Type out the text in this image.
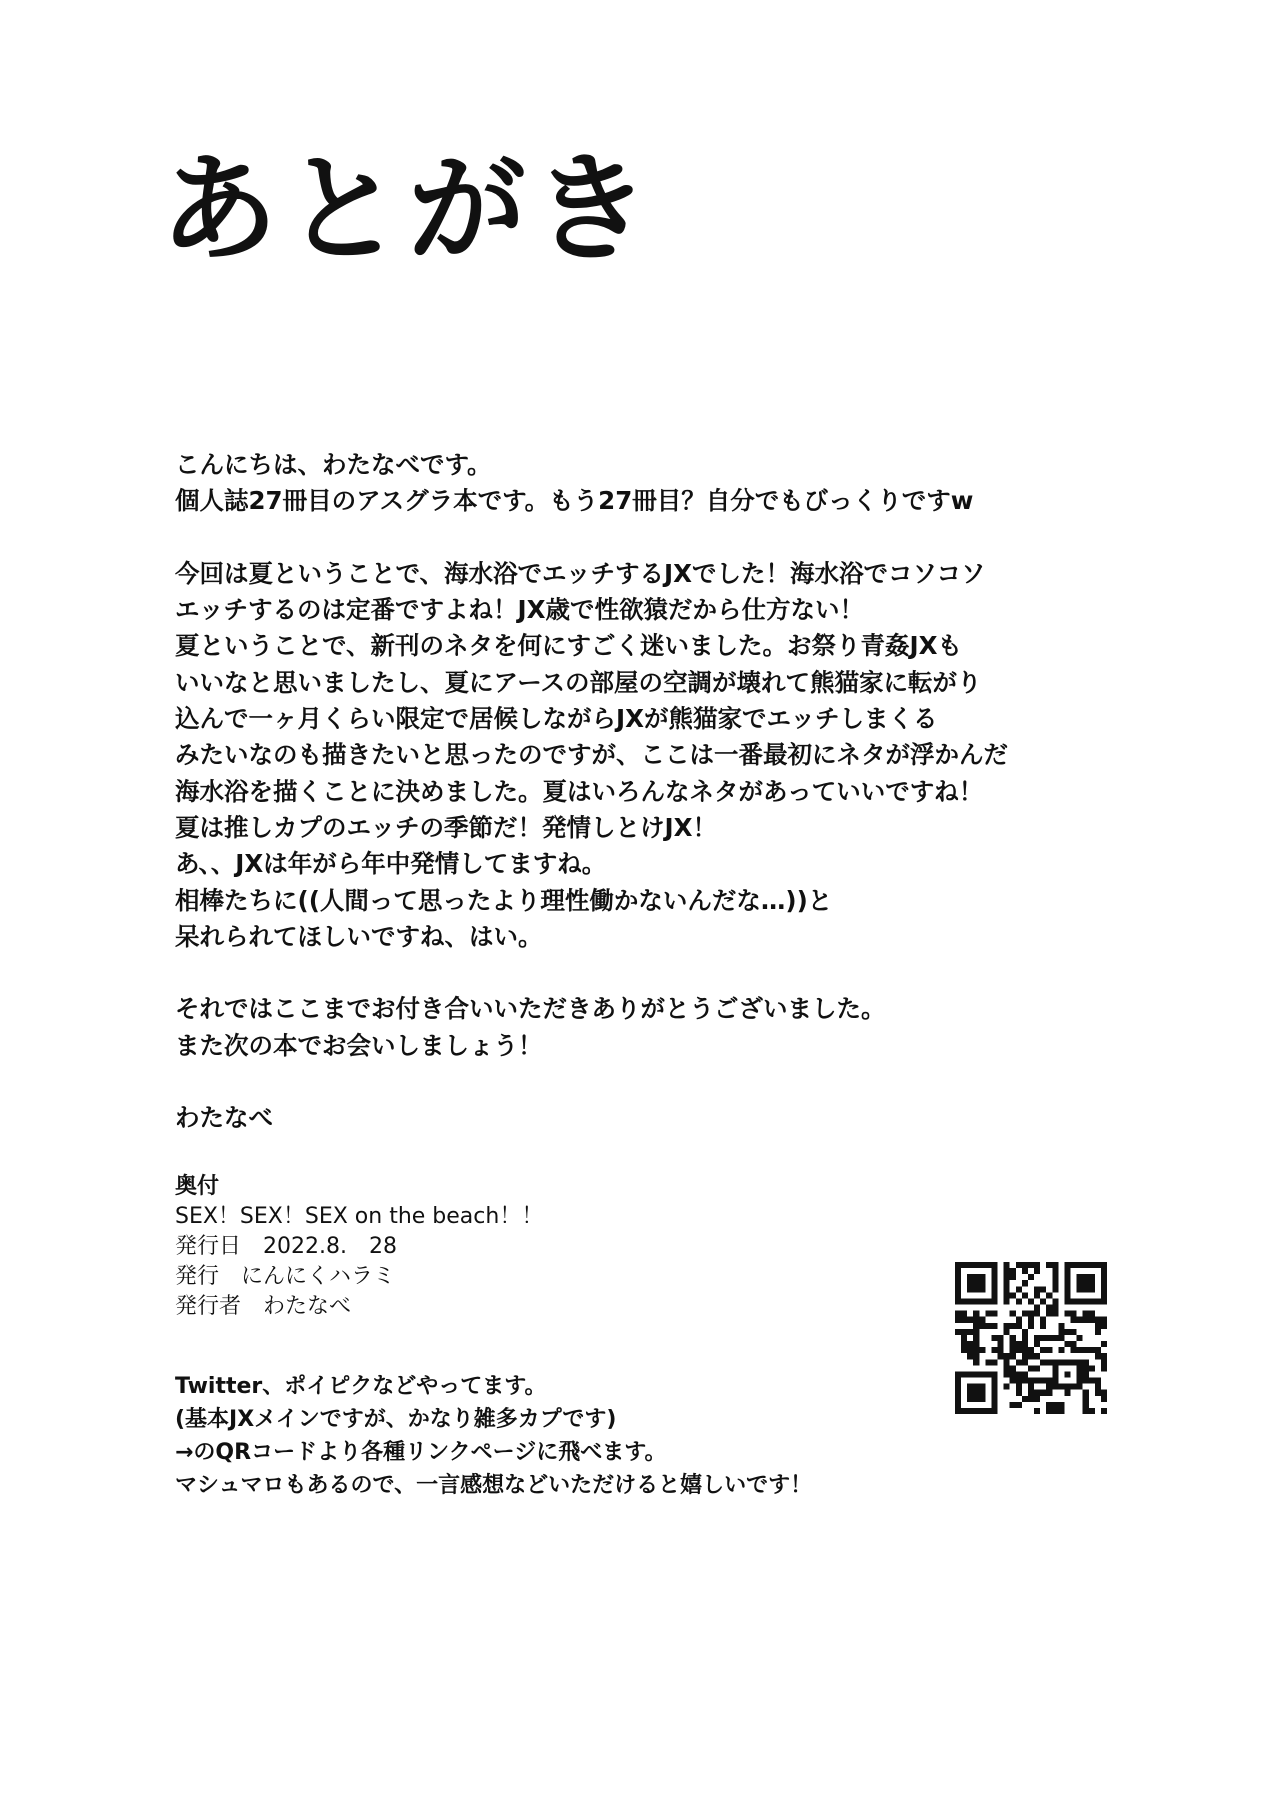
あとがき

こんにちは、わたなべです。

個人誌27冊目のアスグラ本です。もう27冊目？自分でもびっくりですw

今回は夏ということで、海水浴でエッチするJXでした！海水浴でコソコソ

エッチするのは定番ですよね！JX歳で性欲猿だから仕方ない！

夏ということで、新刊のネタを何にすごく迷いました。お祭り青姦JXも

いいなと思いましたし、夏にアースの部屋の空調が壊れて熊猫家に転がり

込んで一ヶ月くらい限定で居候しながらJXが熊猫家でエッチしまくる

みたいなのも描きたいと思ったのですが、ここは一番最初にネタが浮かんだ

海水浴を描くことに決めました。夏はいろんなネタがあっていいですね！

夏は推しカプのエッチの季節だ！発情しとけJX！

あ、、JXは年がら年中発情してますね。

相棒たちに((人間って思ったより理性働かないんだな…))と

呆れられてほしいですね、はい。

それではここまでお付き合いいただきありがとうございました。

また次の本でお会いしましょう！

わたなべ

奥付

SEX！SEX！SEX on the beach！！

発行日　2022.8.　28

発行　にんにくハラミ

発行者　わたなべ

Twitter、ポイピクなどやってます。

(基本JXメインですが、かなり雑多カプです)

→のQRコードより各種リンクページに飛べます。

マシュマロもあるので、一言感想などいただけると嬉しいです！
